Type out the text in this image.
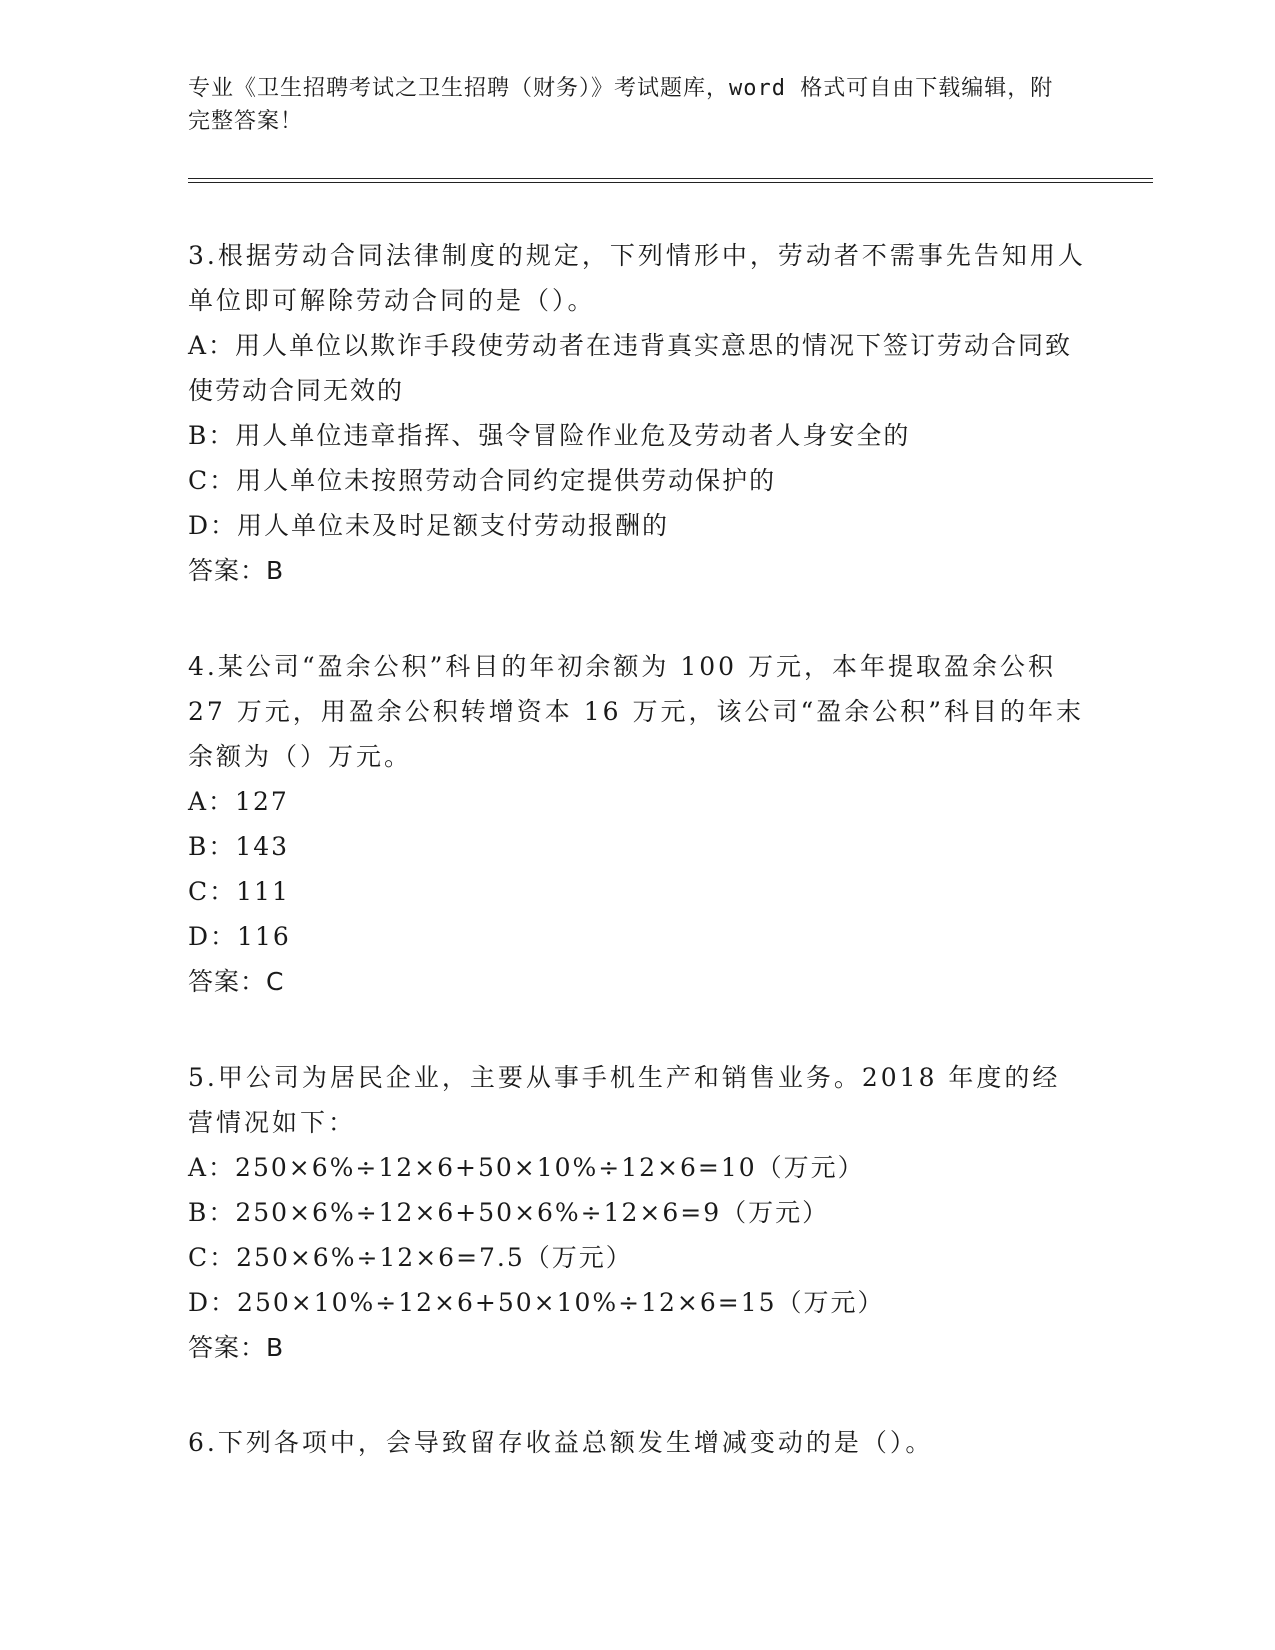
专业《卫生招聘考试之卫生招聘（财务）》考试题库，word 格式可自由下载编辑，附完整答案！

3.根据劳动合同法律制度的规定，下列情形中，劳动者不需事先告知用人单位即可解除劳动合同的是（）。

A：用人单位以欺诈手段使劳动者在违背真实意思的情况下签订劳动合同致使劳动合同无效的

B：用人单位违章指挥、强令冒险作业危及劳动者人身安全的

C：用人单位未按照劳动合同约定提供劳动保护的

D：用人单位未及时足额支付劳动报酬的

答案：B

4.某公司“盈余公积”科目的年初余额为 100 万元，本年提取盈余公积 27 万元，用盈余公积转增资本 16 万元，该公司“盈余公积”科目的年末余额为（）万元。

A：127

B：143

C：111

D：116

答案：C

5.甲公司为居民企业，主要从事手机生产和销售业务。2018 年度的经营情况如下：

A：250×6%÷12×6+50×10%÷12×6=10（万元）

B：250×6%÷12×6+50×6%÷12×6=9（万元）

C：250×6%÷12×6=7.5（万元）

D：250×10%÷12×6+50×10%÷12×6=15（万元）

答案：B

6.下列各项中，会导致留存收益总额发生增减变动的是（）。
